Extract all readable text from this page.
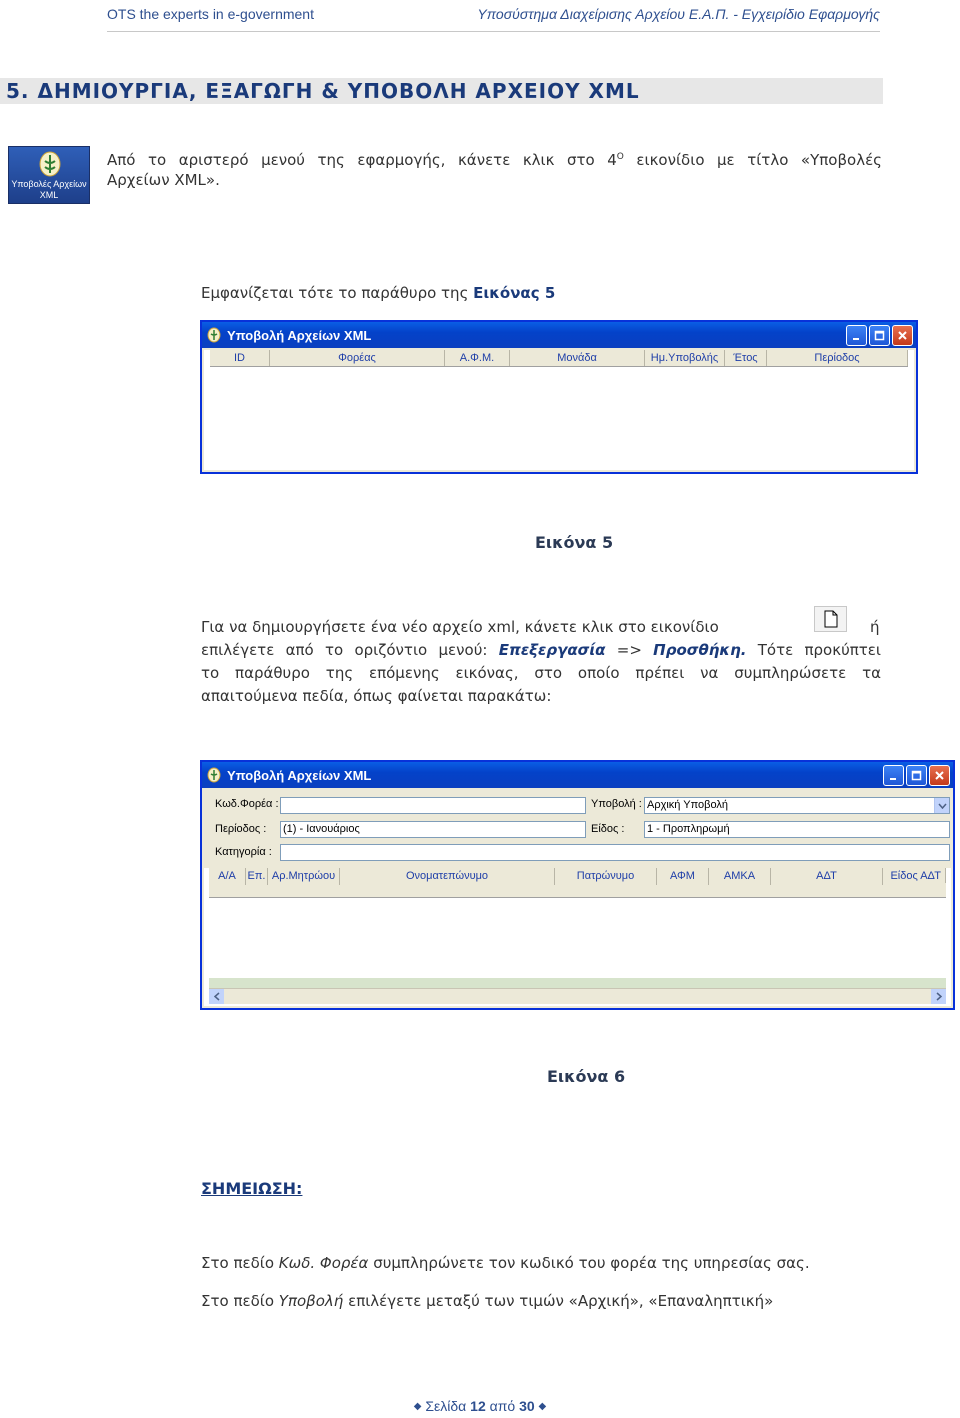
OTS the experts in e-government	Υποσύστημα Διαχείρισης Αρχείου Ε.Α.Π. - Εγχειρίδιο Εφαρμογής
5. ΔΗΜΙΟΥΡΓΙΑ, ΕΞΑΓΩΓΗ & ΥΠΟΒΟΛΗ ΑΡΧΕΙΟΥ XML
Υποβολές Αρχείων XML
Από το αριστερό μενού της εφαρμογής, κάνετε κλικ στο $4^O$ εικονίδιο με τίτλο «Υποβολές
Αρχείων XML».
Εμφανίζεται τότε το παράθυρο της Εικόνας 5
Υποβολή Αρχείων XML
ID	Φορέας	Α.Φ.Μ.	Μονάδα	Ημ.Υποβολής	Έτος	Περίοδος
Εικόνα 5
Για να δημιουργήσετε ένα νέο αρχείο xml, κάνετε κλικ στο εικονίδιο	ή
επιλέγετε από το οριζόντιο μενού: Επεξεργασία => Προσθήκη. Τότε προκύπτει
το παράθυρο της επόμενης εικόνας, στο οποίο πρέπει να συμπληρώσετε τα
απαιτούμενα πεδία, όπως φαίνεται παρακάτω:
Υποβολή Αρχείων XML
Κωδ.Φορέα :
Περίοδος : (1) - Ιανουάριος
Κατηγορία :
Υποβολή : Αρχική Υποβολή
Είδος : 1 - Προπληρωμή
Α/Α	Επ. Αρ.Μητρώου	Ονοματεπώνυμο	Πατρώνυμο	ΑΦΜ	ΑΜΚΑ	ΑΔΤ	Είδος ΑΔΤ
Εικόνα 6
ΣΗΜΕΙΩΣΗ:
Στο πεδίο Κωδ. Φορέα συμπληρώνετε τον κωδικό του φορέα της υπηρεσίας σας.
Στο πεδίο Υποβολή επιλέγετε μεταξύ των τιμών «Αρχική», «Επαναληπτική»
◆ Σελίδα 12 από 30 ◆
